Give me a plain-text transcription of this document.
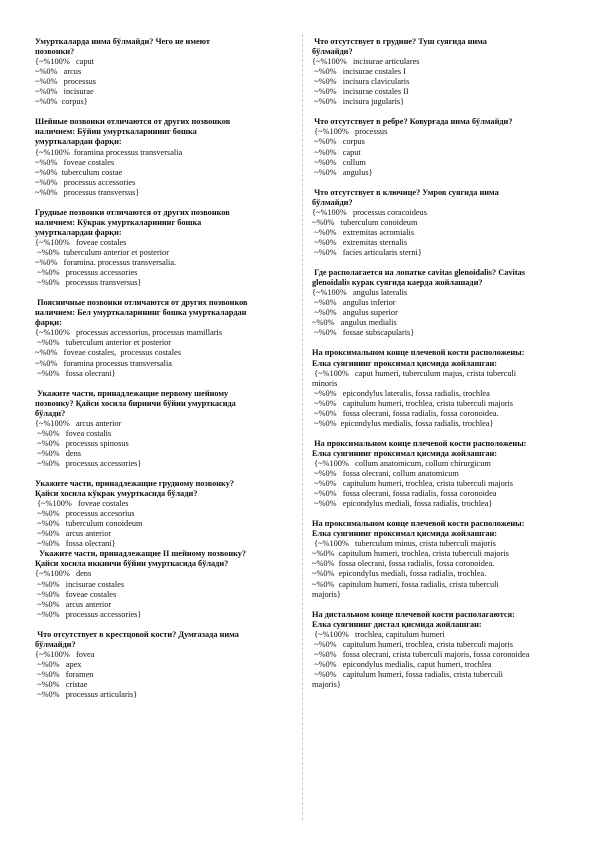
Умурткаларда нима бўлмайди? Чего не имеют
позвонки?
{~%100%   caput
~%0%   arcus
~%0%   processus
~%0%   incisurae
~%0%  corpus}
Шейные позвонки отличаются от других позвонков
наличием: Бўйин умурткаларининг бошка
умурткалардан фарқи:
{~%100%  foramina processus transversalia
~%0%   foveae costales
~%0%  tuberculum costae
~%0%   processus accessories
~%0%   processus transversus}
Грудные позвонки отличаются от других позвонков
наличием: Кўкрак умурткаларининг бошка
умурткалардан фарқи:
{~%100%   foveae costales
~%0%  tuberculum anterior et posterior
~%0%   foramina. processus transversalia.
~%0%   processus accessories
~%0%   processus transversus}
Поясничные позвонки отличаются от других позвонков
наличием: Бел умурткаларининг бошка умурткалардан
фарқи:
{~%100%   processus accessorius, processus mamillaris
~%0%   tuberculum anterior et posterior
~%0%   foveae costales,  processus costales
~%0%   foramina processus transversalia
~%0%   fossa olecrani}
Укажите части, принадлежащие первому шейному
позвонку? Қайси хосила биринчи бўйин умурткасида
бўлади?
{~%100%   arcus anterior
~%0%   fovea costalis
~%0%   processus spinosus
~%0%   dens
~%0%   processus accessories}
Укажите части, принадлежащие грудному позвонку?
Қайси хосила кўкрак умурткасида бўлади?
{~%100%   foveae costales
~%0%   processus accesorius
~%0%   tuberculum conoideum
~%0%   arcus anterior
~%0%   fossa olecrani}
Укажите части, принадлежащие II шейному позвонку?
Қайси хосила иккинчи бўйин умурткасида бўлади?
{~%100%   dens
~%0%   incisurae costales
~%0%   foveae costales
~%0%   arcus anterior
~%0%   processus accessories}
Что отсутствует в крестцовой кости? Думғазада нима
бўлмайди?
{~%100%   fovea
~%0%   apex
~%0%   foramen
~%0%   cristae
~%0%   processus articularis}
Что отсутствует в грудине? Туш суягида нима
бўлмайди?
{~%100%   incisurae articulares
~%0%   incisurae costales I
~%0%   incisura clavicularis
~%0%   incisurae costales II
~%0%   incisura jugularis}
Что отсутствует в ребре? Ковурғада нима бўлмайди?
{~%100%   processus
~%0%   corpus
~%0%   caput
~%0%   collum
~%0%   angulus}
Что отсутствует в ключице? Умров суягида нима
бўлмайди?
{~%100%   processus coracoideus
~%0%   tuberculum conoideum
~%0%   extremitas acromialis
~%0%   extremitas sternalis
~%0%   facies articularis sterni}
Где располагается на лопатке cavitas glenoidalis? Cavitas
glenoidalis курак суягида каерда жойлашади?
{~%100%   angulus lateralis
~%0%   angulus inferior
~%0%   angulus superior
~%0%   angulus medialis
~%0%   fossae subscapularis}
На проксимальном конце плечевой кости расположены:
Елка суягининг проксимал қисмида жойлашган:
{~%100%   caput humeri, tuberculum majus, crista tuberculi
minoris
~%0%   epicondylus lateralis, fossa radialis, trochlea
~%0%   capitulum humeri, trochlea, crista tuberculi majoris
~%0%   fossa olecrani, fossa radialis, fossa coronoidea.
~%0%  epicondylus medialis, fossa radialis, trochlea}
На проксимальном конце плечевой кости расположены:
Елка суягининг проксимал қисмида жойлашган:
{~%100%   collum anatomicum, collum chirurgicum
~%0%   fossa olecrani, collum anatomicum
~%0%   capitulum humeri, trochlea, crista tuberculi majoris
~%0%   fossa olecrani, fossa radialis, fossa coronoidea
~%0%   epicondylus mediali, fossa radialis, trochlea}
На проксимальном конце плечевой кости расположены:
Елка суягининг проксимал қисмида жойлашган:
{~%100%   tuberculum minus, crista tuberculi majoris
~%0%  capitulum humeri, trochlea, crista tuberculi majoris
~%0%  fossa olecrani, fossa radialis, fossa coronoidea.
~%0%  epicondylus mediali, fossa radialis, trochlea.
~%0%  capitulum humeri, fossa radialis, crista tuberculi
majoris}
На дистальном конце плечевой кости располагаются:
Елка суягининг дистал қисмида жойлашган:
{~%100%   trochlea, capitulum humeri
~%0%   capitulum humeri, trochlea, crista tuberculi majoris
~%0%   fossa olecrani, crista tuberculi majoris, fossa coronoidea
~%0%   epicondylus medialis, caput humeri, trochlea
~%0%   capitulum humeri, fossa radialis, crista tuberculi
majoris}
